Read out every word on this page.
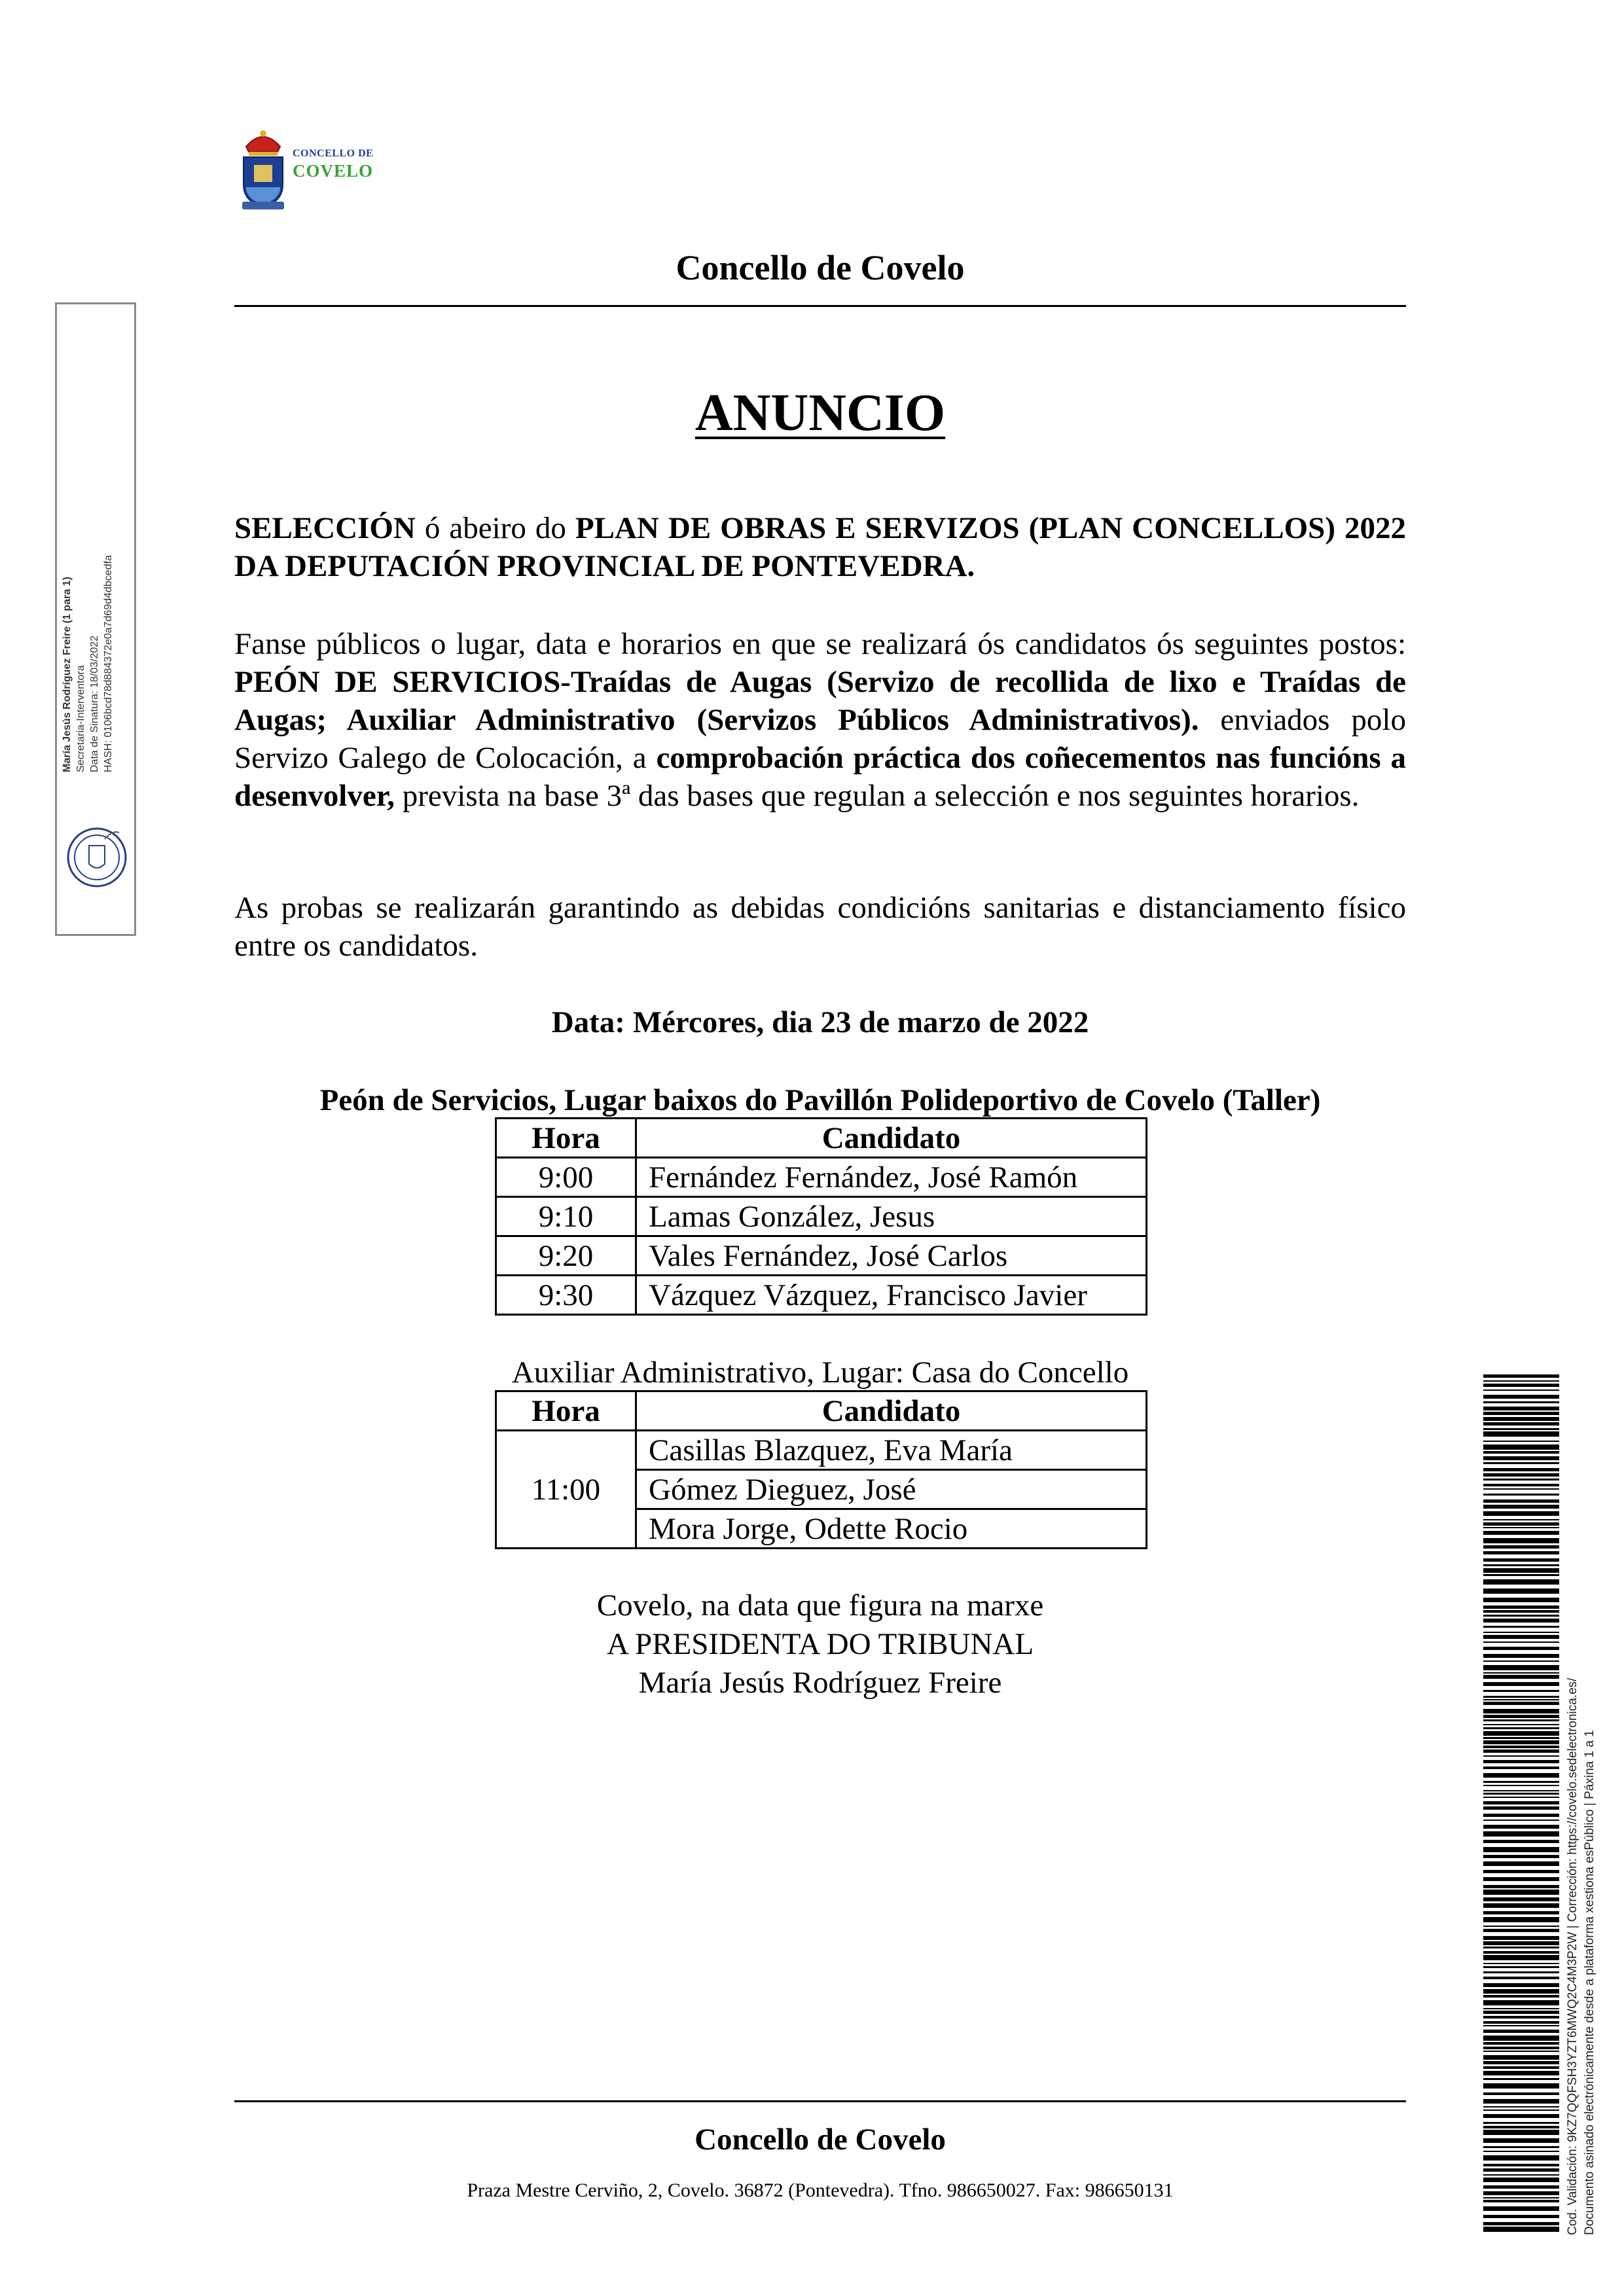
CONCELLO DE
COVELO
Concello de Covelo
ANUNCIO
SELECCIÓN ó abeiro do PLAN DE OBRAS E SERVIZOS (PLAN CONCELLOS) 2022 DA DEPUTACIÓN PROVINCIAL DE PONTEVEDRA.
Fanse públicos o lugar, data e horarios en que se realizará ós candidatos ós seguintes postos: PEÓN DE SERVICIOS-Traídas de Augas (Servizo de recollida de lixo e Traídas de Augas; Auxiliar Administrativo (Servizos Públicos Administrativos). enviados polo Servizo Galego de Colocación, a comprobación práctica dos coñecementos nas funcións a desenvolver, prevista na base 3ª das bases que regulan a selección e nos seguintes horarios.
As probas se realizarán garantindo as debidas condicións sanitarias e distanciamento físico entre os candidatos.
Data: Mércores, dia 23 de marzo de 2022
Peón de Servicios, Lugar baixos do Pavillón Polideportivo de Covelo (Taller)
Hora	Candidato
9:00	Fernández Fernández, José Ramón
9:10	Lamas González, Jesus
9:20	Vales Fernández, José Carlos
9:30	Vázquez Vázquez, Francisco Javier
Auxiliar Administrativo, Lugar: Casa do Concello
Hora	Candidato
11:00	Casillas Blazquez, Eva María
	Gómez Dieguez, José
	Mora Jorge, Odette Rocio
Covelo, na data que figura na marxe
A PRESIDENTA DO TRIBUNAL
María Jesús Rodríguez Freire
Concello de Covelo
Praza Mestre Cerviño, 2, Covelo. 36872 (Pontevedra). Tfno. 986650027. Fax: 986650131
María Jesús Rodríguez Freire (1 para 1) Secretaria-Interventora Data de Sinatura: 18/03/2022 HASH: 0106bcd78d884372e0a7d69d4dbcedfa
Cod. Validación: 9KZ7QQFSH3YZT6MWQ2C4M3P2W | Corrección: https://covelo.sedelectronica.es/ Documento asinado electrónicamente desde a plataforma xestiona esPúblico | Páxina 1 a 1
